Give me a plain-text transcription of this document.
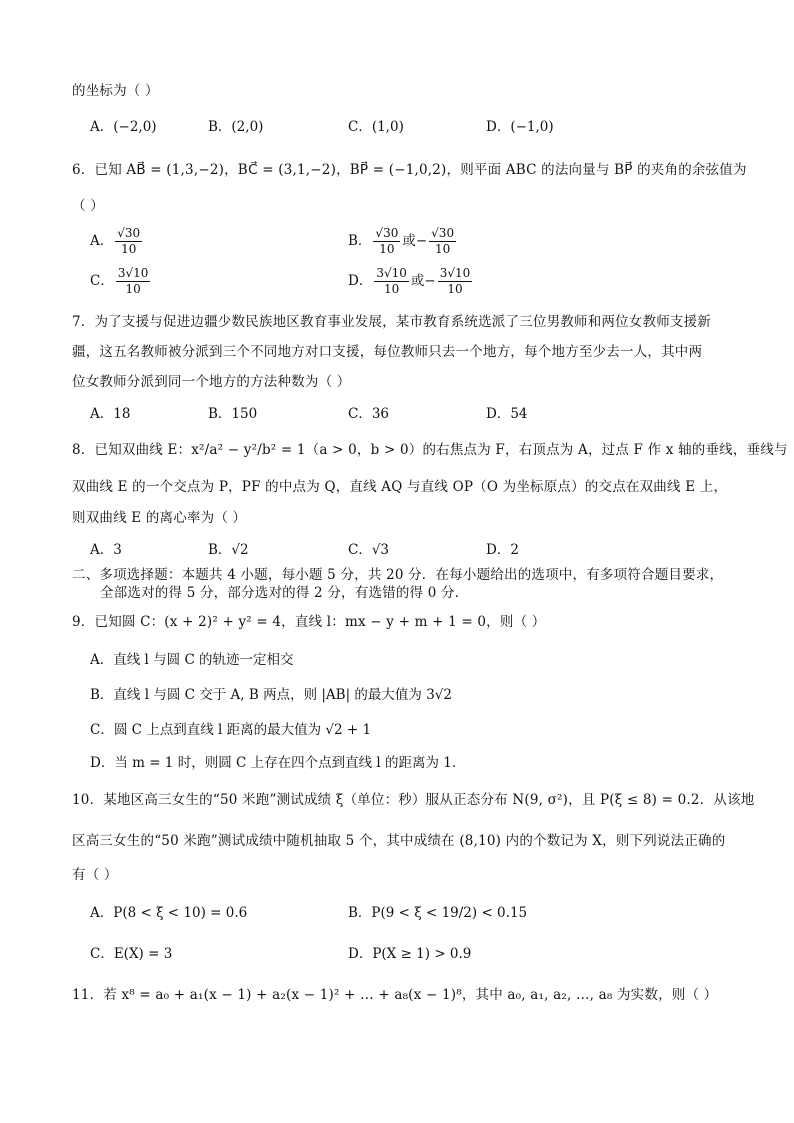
的坐标为（ ）
A．(−2,0)	B．(2,0)	C．(1,0)	D．(−1,0)
6．已知 AB⃗ = (1,3,−2)，BC⃗ = (3,1,−2)，BP⃗ = (−1,0,2)，则平面 ABC 的法向量与 BP⃗ 的夹角的余弦值为
（ ）
A． $\frac{√30}{10}$	B． $\frac{√30}{10}$ 或− $\frac{√30}{10}$
C． $\frac{3√10}{10}$	D． $\frac{3√10}{10}$ 或− $\frac{3√10}{10}$
7．为了支援与促进边疆少数民族地区教育事业发展，某市教育系统选派了三位男教师和两位女教师支援新
疆，这五名教师被分派到三个不同地方对口支援，每位教师只去一个地方，每个地方至少去一人，其中两
位女教师分派到同一个地方的方法种数为（ ）
A．18	B．150	C．36	D．54
8．已知双曲线 E：x²/a² − y²/b² = 1（a > 0，b > 0）的右焦点为 F，右顶点为 A，过点 F 作 x 轴的垂线，垂线与
双曲线 E 的一个交点为 P，PF 的中点为 Q，直线 AQ 与直线 OP（O 为坐标原点）的交点在双曲线 E 上，
则双曲线 E 的离心率为（ ）
A．3	B．√2	C．√3	D．2
二、多项选择题：本题共 4 小题，每小题 5 分，共 20 分．在每小题给出的选项中，有多项符合题目要求，
全部选对的得 5 分，部分选对的得 2 分，有选错的得 0 分．
9．已知圆 C：(x + 2)² + y² = 4，直线 l：mx − y + m + 1 = 0，则（ ）
A．直线 l 与圆 C 的轨迹一定相交
B．直线 l 与圆 C 交于 A, B 两点，则 |AB| 的最大值为 3√2
C．圆 C 上点到直线 l 距离的最大值为 √2 + 1
D．当 m = 1 时，则圆 C 上存在四个点到直线 l 的距离为 1.
10．某地区高三女生的“50 米跑”测试成绩 ξ（单位：秒）服从正态分布 N(9, σ²)，且 P(ξ ≤ 8) = 0.2．从该地
区高三女生的“50 米跑”测试成绩中随机抽取 5 个，其中成绩在 (8,10) 内的个数记为 X，则下列说法正确的
有（ ）
A．P(8 < ξ < 10) = 0.6	B．P(9 < ξ < 19/2) < 0.15
C．E(X) = 3	D．P(X ≥ 1) > 0.9
11．若 x⁸ = a₀ + a₁(x − 1) + a₂(x − 1)² + … + a₈(x − 1)⁸，其中 a₀, a₁, a₂, …, a₈ 为实数，则（ ）
